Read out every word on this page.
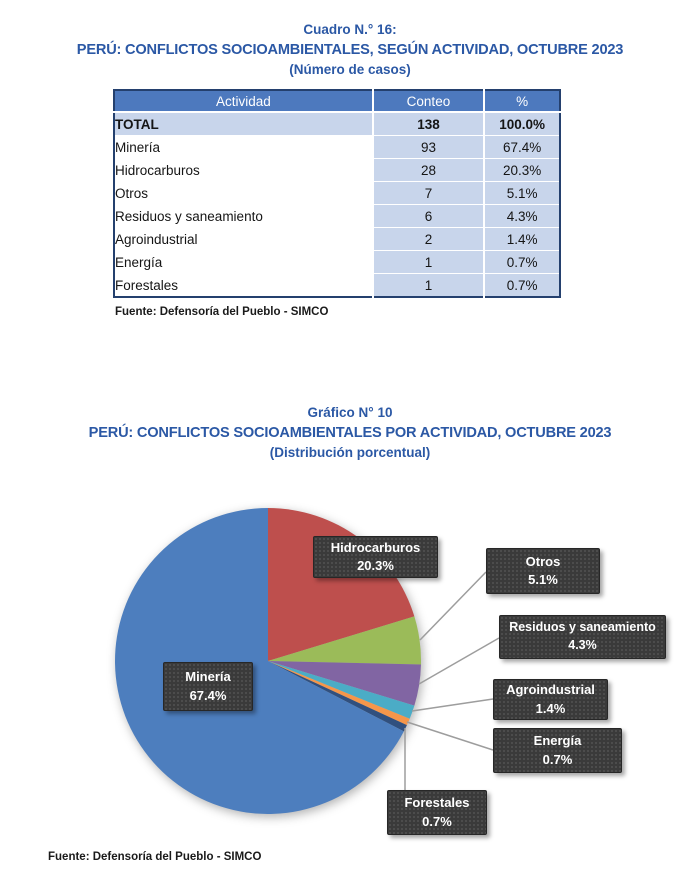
Cuadro N.° 16:
PERÚ: CONFLICTOS SOCIOAMBIENTALES, SEGÚN ACTIVIDAD, OCTUBRE 2023
(Número de casos)
Actividad	Conteo	%
TOTAL	138	100.0%
Minería	93	67.4%
Hidrocarburos	28	20.3%
Otros	7	5.1%
Residuos y saneamiento	6	4.3%
Agroindustrial	2	1.4%
Energía	1	0.7%
Forestales	1	0.7%
Fuente: Defensoría del Pueblo - SIMCO
Gráfico N° 10
PERÚ: CONFLICTOS SOCIOAMBIENTALES POR ACTIVIDAD, OCTUBRE 2023
(Distribución porcentual)
Hidrocarburos
20.3%	Otros
5.1%
Residuos y saneamiento
4.3%
Agroindustrial
1.4%
Energía
0.7%
Forestales
0.7%
Minería
67.4%
Fuente: Defensoría del Pueblo - SIMCO
